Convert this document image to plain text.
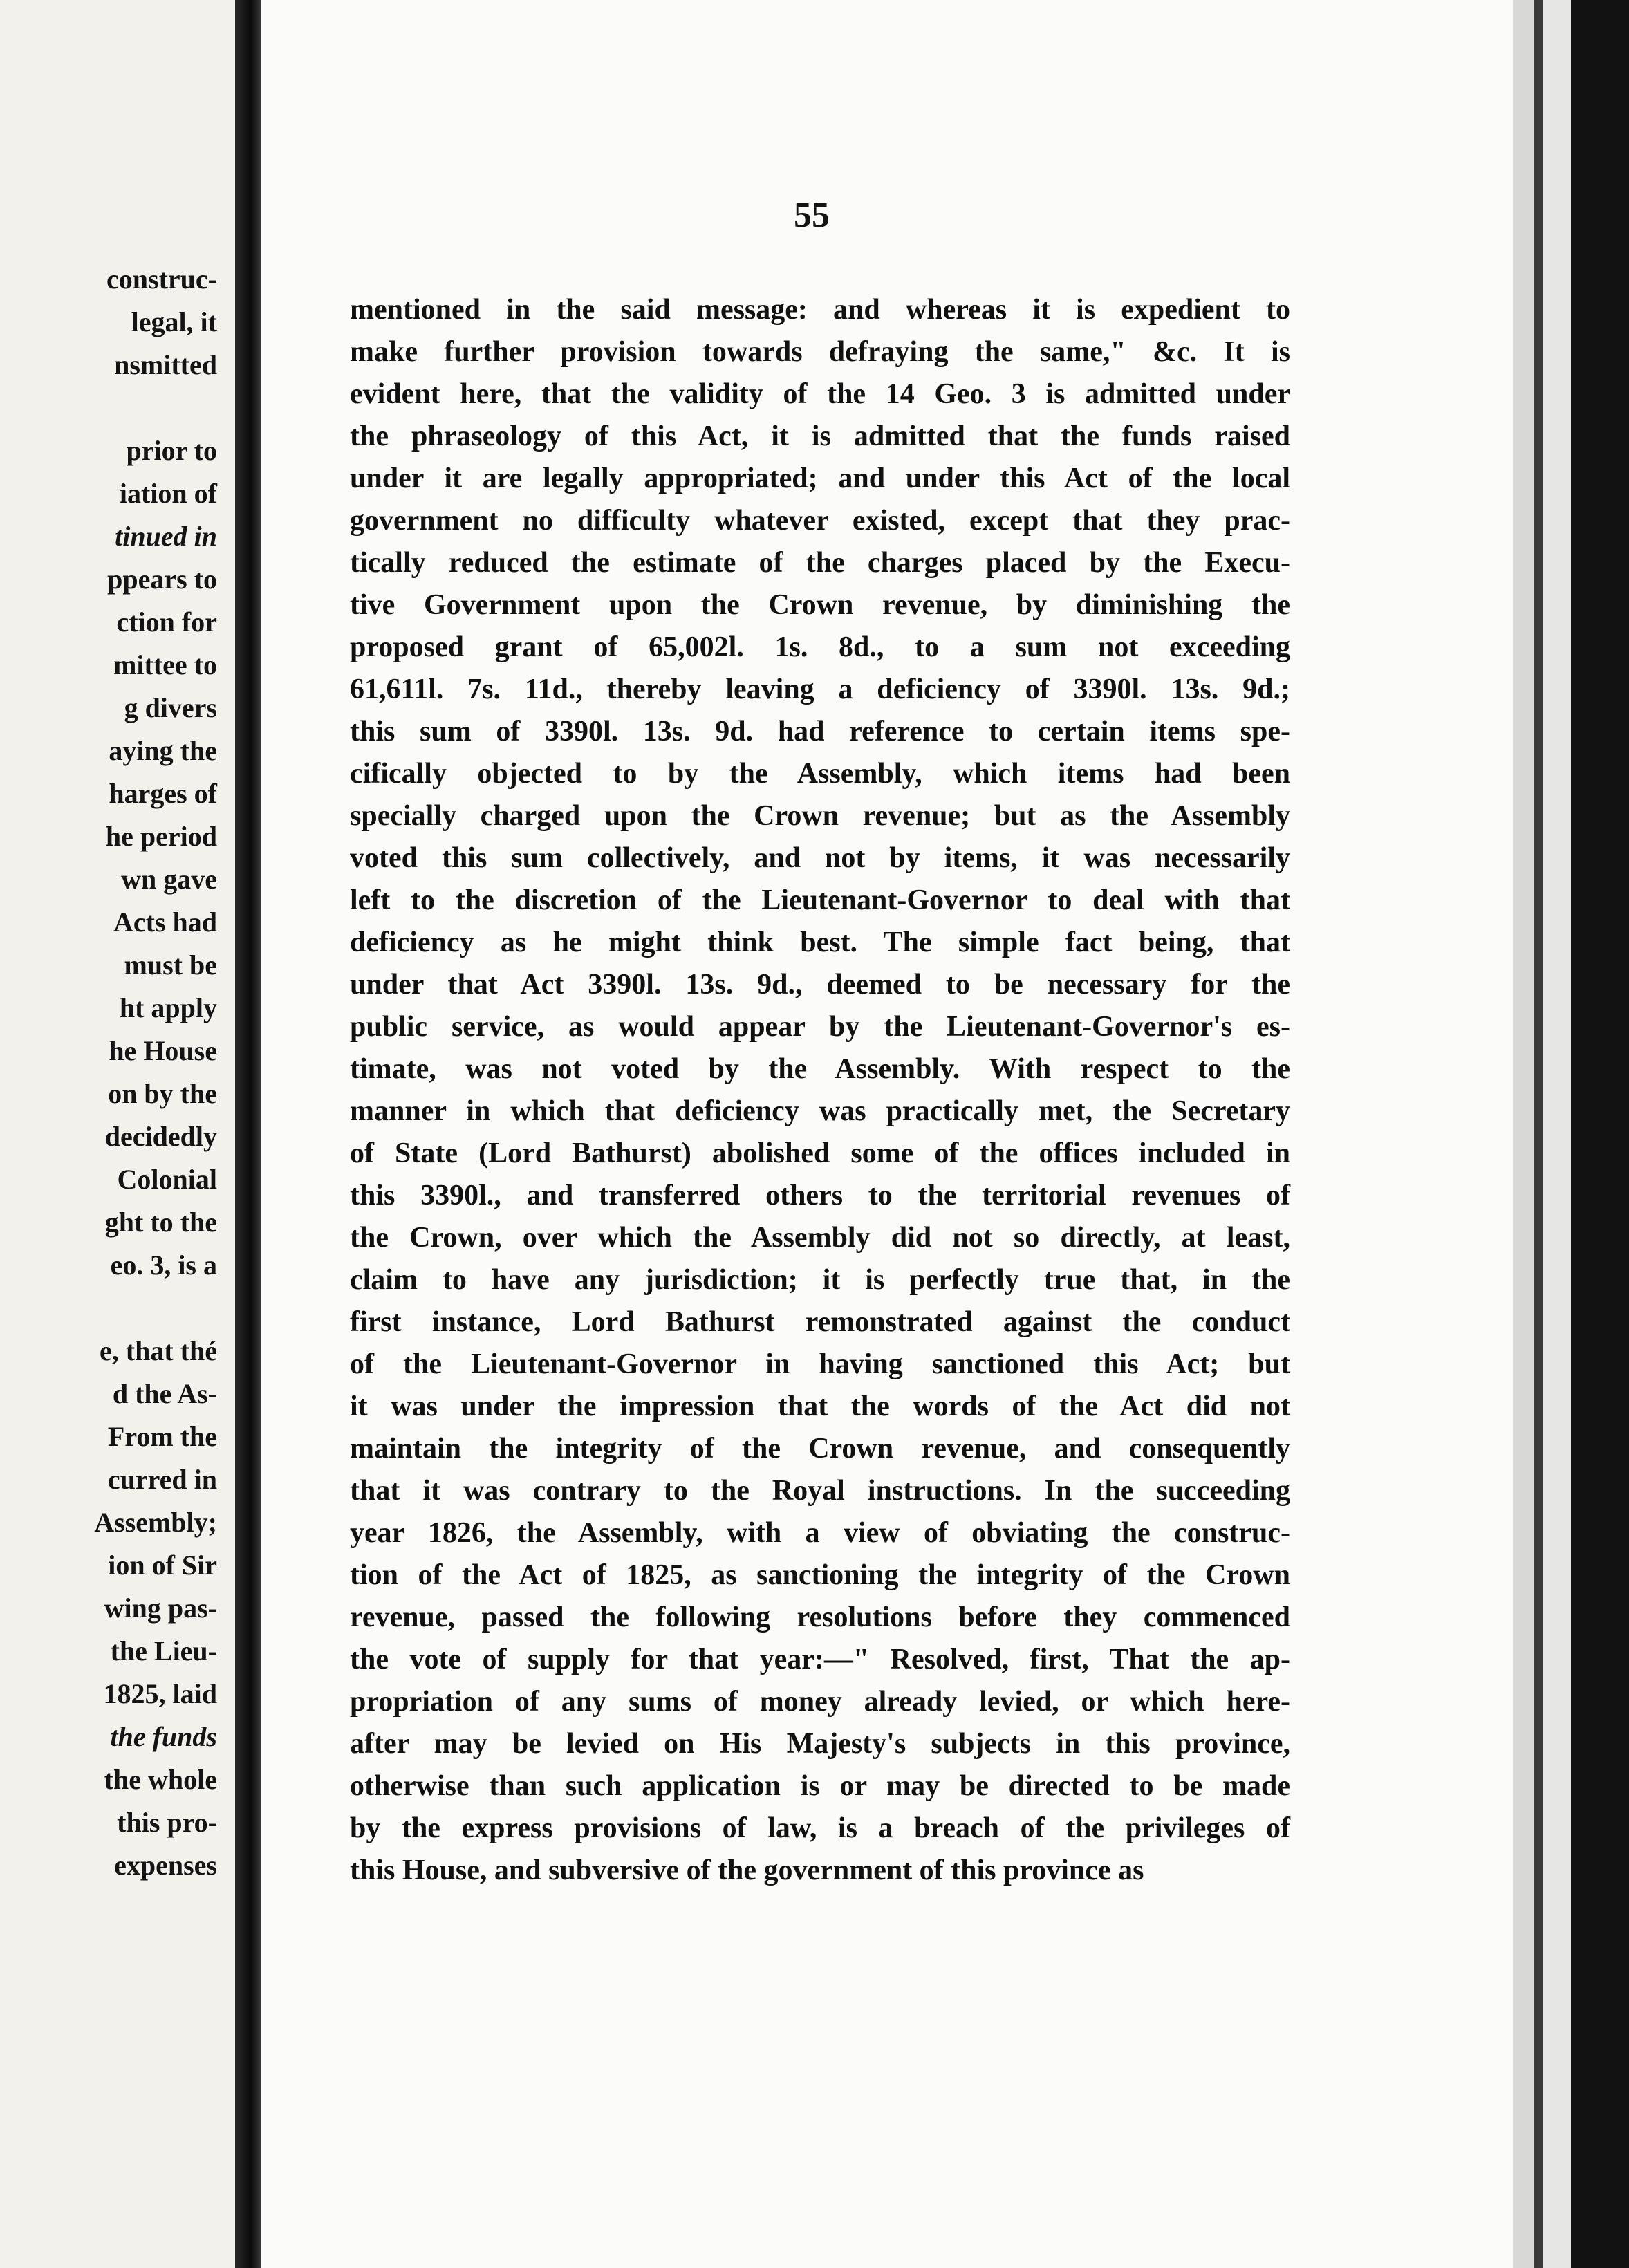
construc-
legal, it
nsmitted
prior to
iation of
tinued in
ppears to
ction for
mittee to
g divers
aying the
harges of
he period
wn gave
Acts had
must be
ht apply
he House
on by the
decidedly
Colonial
ght to the
eo. 3, is a
e, that thé
d the As-
From the
curred in
Assembly;
ion of Sir
wing pas-
the Lieu-
1825, laid
the funds
the whole
this pro-
expenses
55
mentioned in the said message: and whereas it is expedient to
make further provision towards defraying the same," &c. It is
evident here, that the validity of the 14 Geo. 3 is admitted under
the phraseology of this Act, it is admitted that the funds raised
under it are legally appropriated; and under this Act of the local
government no difficulty whatever existed, except that they prac-
tically reduced the estimate of the charges placed by the Execu-
tive Government upon the Crown revenue, by diminishing the
proposed grant of 65,002l. 1s. 8d., to a sum not exceeding
61,611l. 7s. 11d., thereby leaving a deficiency of 3390l. 13s. 9d.;
this sum of 3390l. 13s. 9d. had reference to certain items spe-
cifically objected to by the Assembly, which items had been
specially charged upon the Crown revenue; but as the Assembly
voted this sum collectively, and not by items, it was necessarily
left to the discretion of the Lieutenant-Governor to deal with that
deficiency as he might think best. The simple fact being, that
under that Act 3390l. 13s. 9d., deemed to be necessary for the
public service, as would appear by the Lieutenant-Governor's es-
timate, was not voted by the Assembly. With respect to the
manner in which that deficiency was practically met, the Secretary
of State (Lord Bathurst) abolished some of the offices included in
this 3390l., and transferred others to the territorial revenues of
the Crown, over which the Assembly did not so directly, at least,
claim to have any jurisdiction; it is perfectly true that, in the
first instance, Lord Bathurst remonstrated against the conduct
of the Lieutenant-Governor in having sanctioned this Act; but
it was under the impression that the words of the Act did not
maintain the integrity of the Crown revenue, and consequently
that it was contrary to the Royal instructions. In the succeeding
year 1826, the Assembly, with a view of obviating the construc-
tion of the Act of 1825, as sanctioning the integrity of the Crown
revenue, passed the following resolutions before they commenced
the vote of supply for that year:—" Resolved, first, That the ap-
propriation of any sums of money already levied, or which here-
after may be levied on His Majesty's subjects in this province,
otherwise than such application is or may be directed to be made
by the express provisions of law, is a breach of the privileges of
this House, and subversive of the government of this province as
